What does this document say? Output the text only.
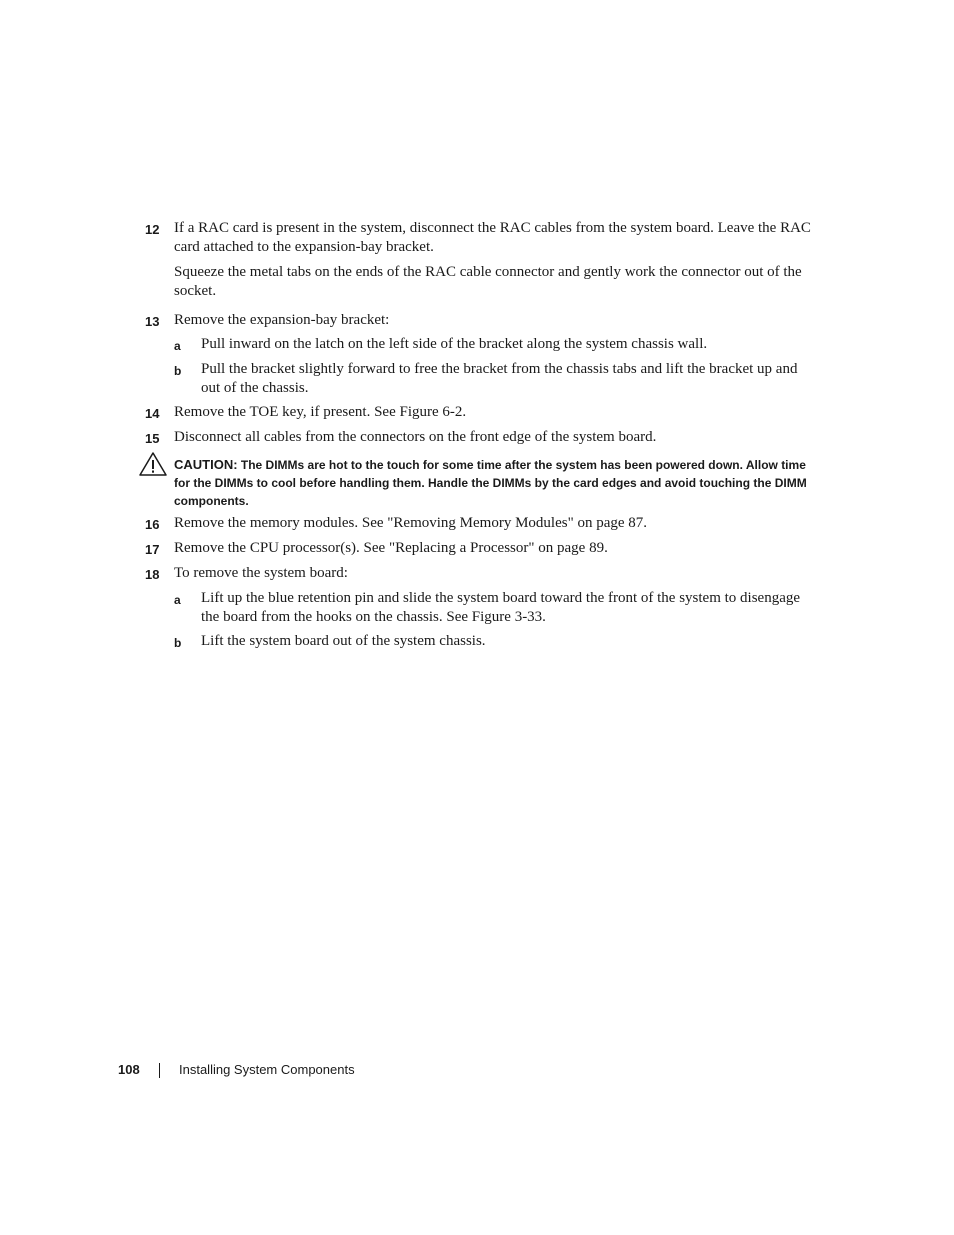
12 If a RAC card is present in the system, disconnect the RAC cables from the system board. Leave the RAC card attached to the expansion-bay bracket.
Squeeze the metal tabs on the ends of the RAC cable connector and gently work the connector out of the socket.
13 Remove the expansion-bay bracket:
a Pull inward on the latch on the left side of the bracket along the system chassis wall.
b Pull the bracket slightly forward to free the bracket from the chassis tabs and lift the bracket up and out of the chassis.
14 Remove the TOE key, if present. See Figure 6-2.
15 Disconnect all cables from the connectors on the front edge of the system board.
CAUTION: The DIMMs are hot to the touch for some time after the system has been powered down. Allow time for the DIMMs to cool before handling them. Handle the DIMMs by the card edges and avoid touching the DIMM components.
16 Remove the memory modules. See "Removing Memory Modules" on page 87.
17 Remove the CPU processor(s). See "Replacing a Processor" on page 89.
18 To remove the system board:
a Lift up the blue retention pin and slide the system board toward the front of the system to disengage the board from the hooks on the chassis. See Figure 3-33.
b Lift the system board out of the system chassis.
108	Installing System Components
